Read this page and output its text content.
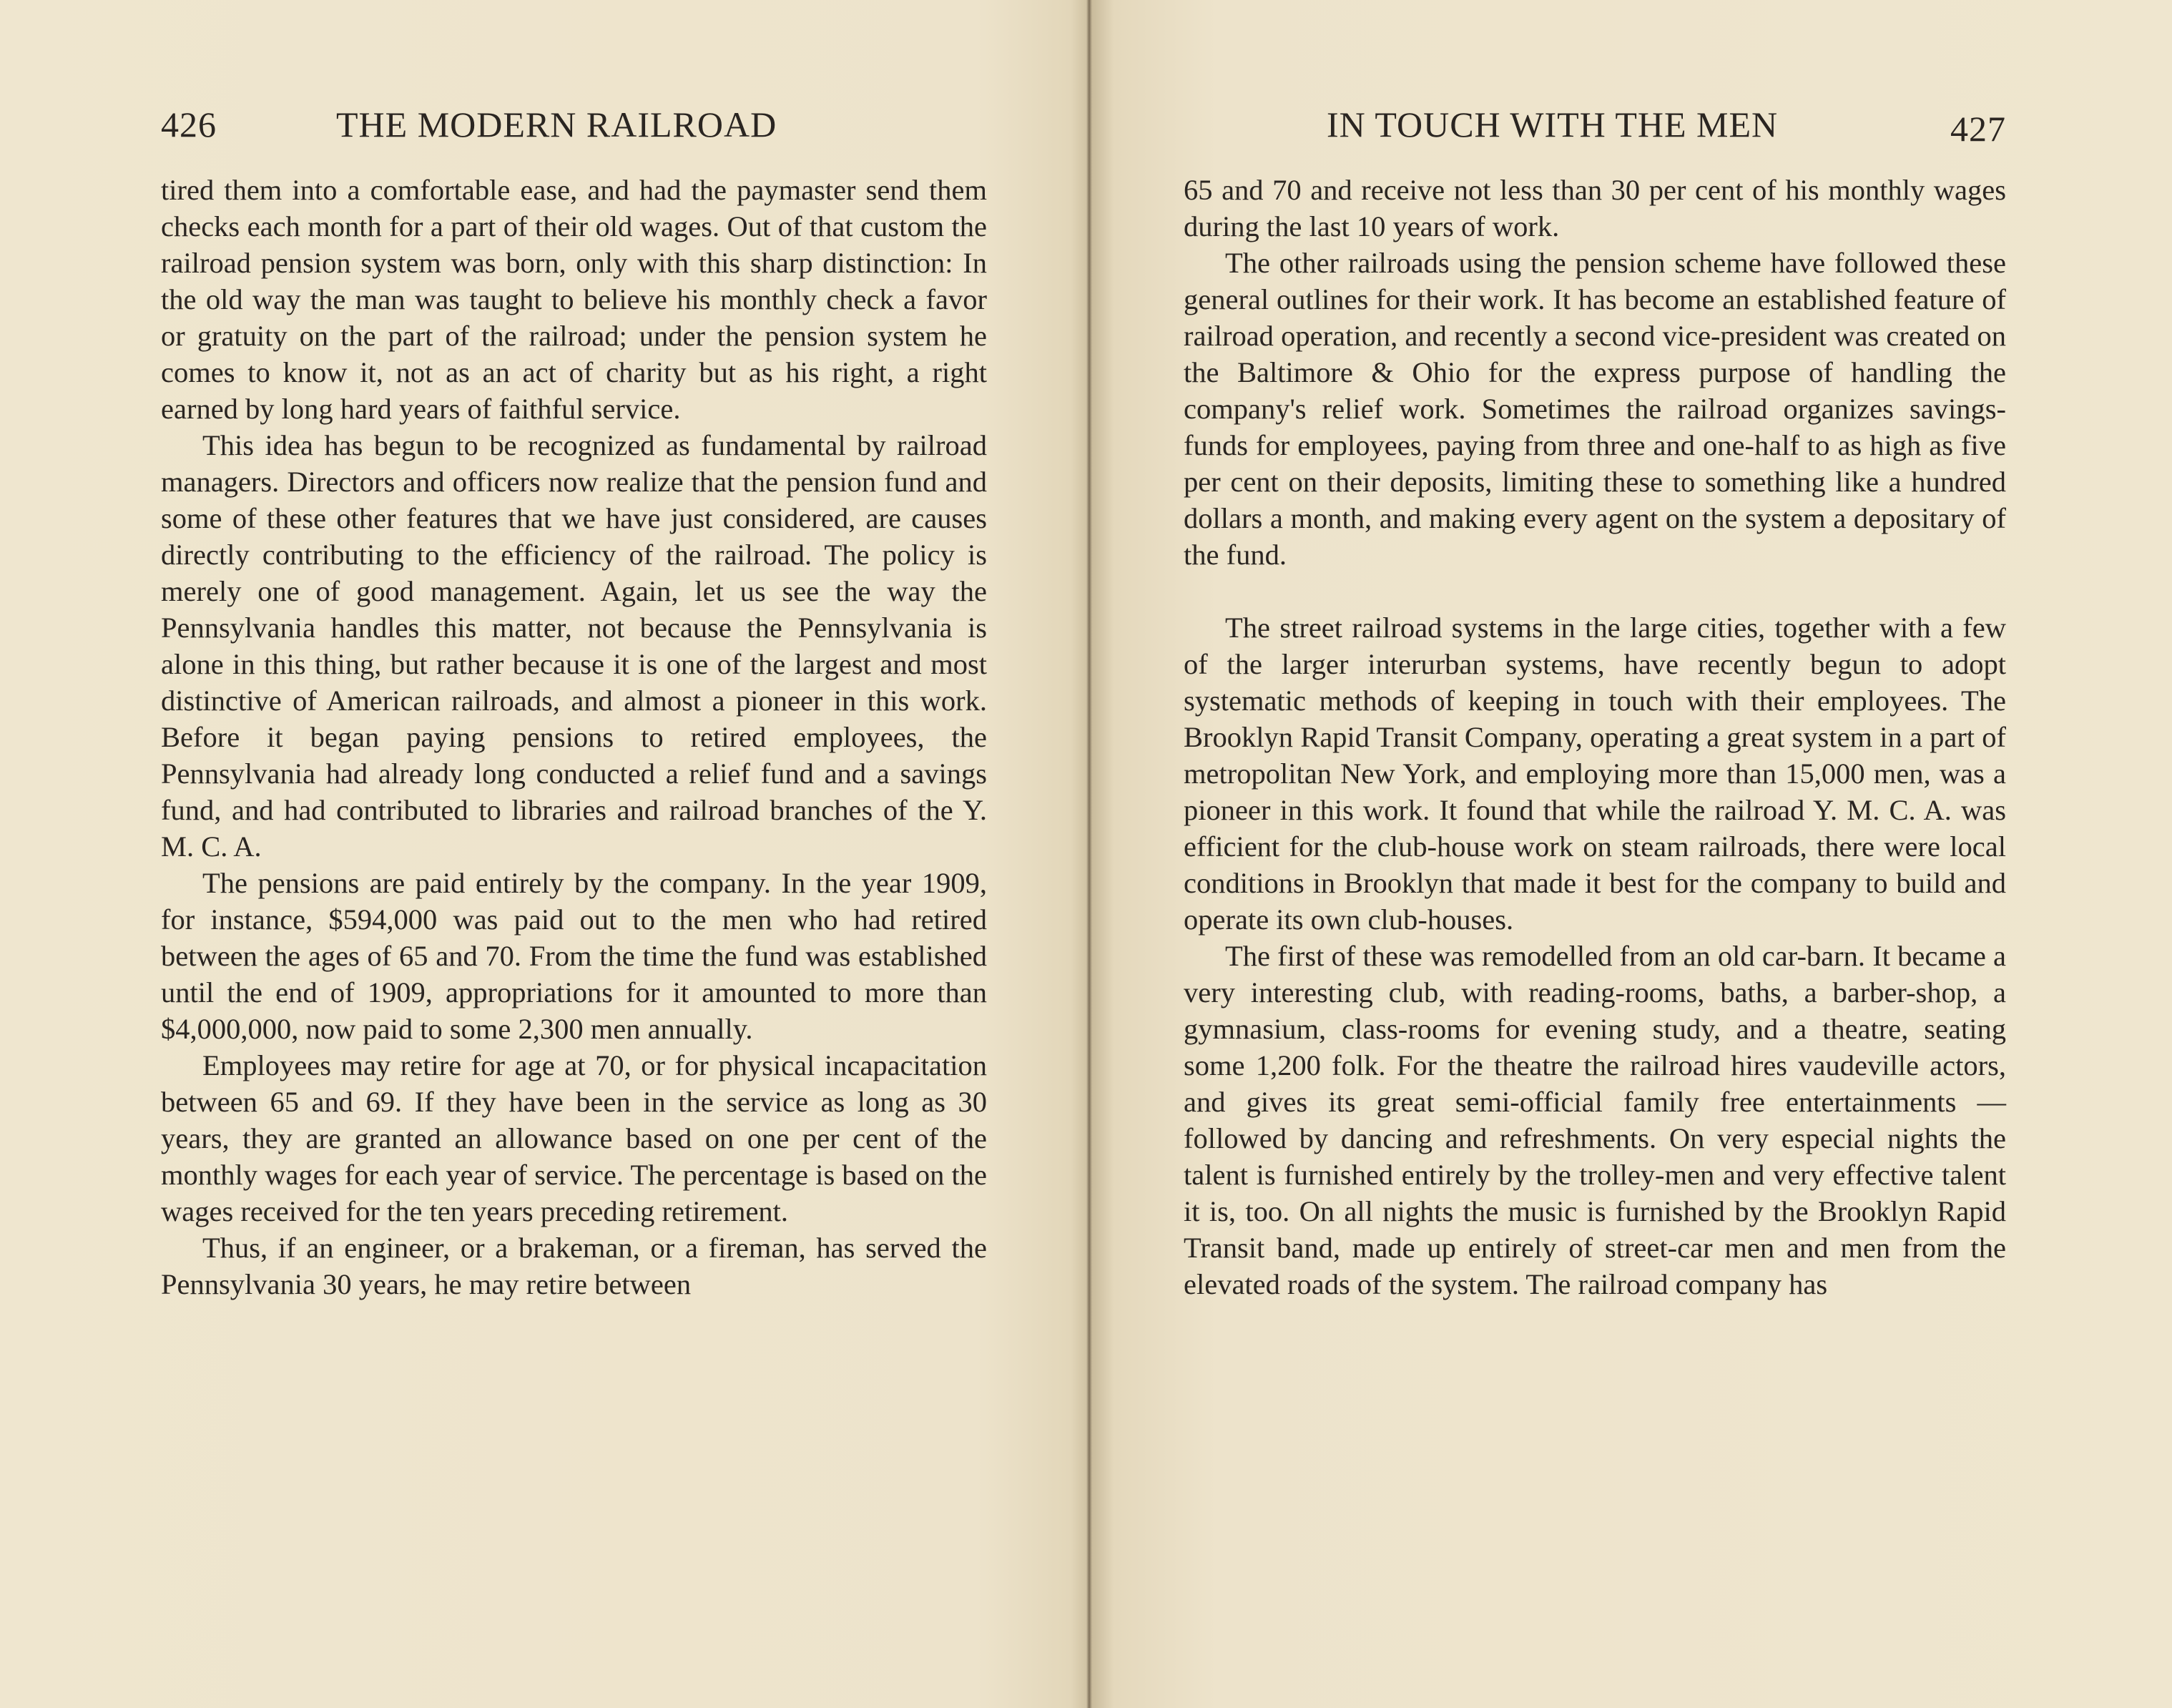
426	THE MODERN RAILROAD

tired them into a comfortable ease, and had the paymaster send them checks each month for a part of their old wages. Out of that custom the railroad pension system was born, only with this sharp distinction: In the old way the man was taught to believe his monthly check a favor or gratuity on the part of the railroad; under the pension system he comes to know it, not as an act of charity but as his right, a right earned by long hard years of faithful service.

This idea has begun to be recognized as fundamental by railroad managers. Directors and officers now realize that the pension fund and some of these other features that we have just considered, are causes directly contributing to the efficiency of the railroad. The policy is merely one of good management. Again, let us see the way the Pennsylvania handles this matter, not because the Pennsylvania is alone in this thing, but rather because it is one of the largest and most distinctive of American railroads, and almost a pioneer in this work. Before it began paying pensions to retired employees, the Pennsylvania had already long conducted a relief fund and a savings fund, and had contributed to libraries and railroad branches of the Y. M. C. A.

The pensions are paid entirely by the company. In the year 1909, for instance, $594,000 was paid out to the men who had retired between the ages of 65 and 70. From the time the fund was established until the end of 1909, appropriations for it amounted to more than $4,000,000, now paid to some 2,300 men annually.

Employees may retire for age at 70, or for physical incapacitation between 65 and 69. If they have been in the service as long as 30 years, they are granted an allowance based on one per cent of the monthly wages for each year of service. The percentage is based on the wages received for the ten years preceding retirement.

Thus, if an engineer, or a brakeman, or a fireman, has served the Pennsylvania 30 years, he may retire between

IN TOUCH WITH THE MEN	427

65 and 70 and receive not less than 30 per cent of his monthly wages during the last 10 years of work.

The other railroads using the pension scheme have followed these general outlines for their work. It has become an established feature of railroad operation, and recently a second vice-president was created on the Baltimore & Ohio for the express purpose of handling the company's relief work. Sometimes the railroad organizes savings-funds for employees, paying from three and one-half to as high as five per cent on their deposits, limiting these to something like a hundred dollars a month, and making every agent on the system a depositary of the fund.

The street railroad systems in the large cities, together with a few of the larger interurban systems, have recently begun to adopt systematic methods of keeping in touch with their employees. The Brooklyn Rapid Transit Company, operating a great system in a part of metropolitan New York, and employing more than 15,000 men, was a pioneer in this work. It found that while the railroad Y. M. C. A. was efficient for the club-house work on steam railroads, there were local conditions in Brooklyn that made it best for the company to build and operate its own club-houses.

The first of these was remodelled from an old car-barn. It became a very interesting club, with reading-rooms, baths, a barber-shop, a gymnasium, class-rooms for evening study, and a theatre, seating some 1,200 folk. For the theatre the railroad hires vaudeville actors, and gives its great semi-official family free entertainments — followed by dancing and refreshments. On very especial nights the talent is furnished entirely by the trolley-men and very effective talent it is, too. On all nights the music is furnished by the Brooklyn Rapid Transit band, made up entirely of street-car men and men from the elevated roads of the system. The railroad company has
